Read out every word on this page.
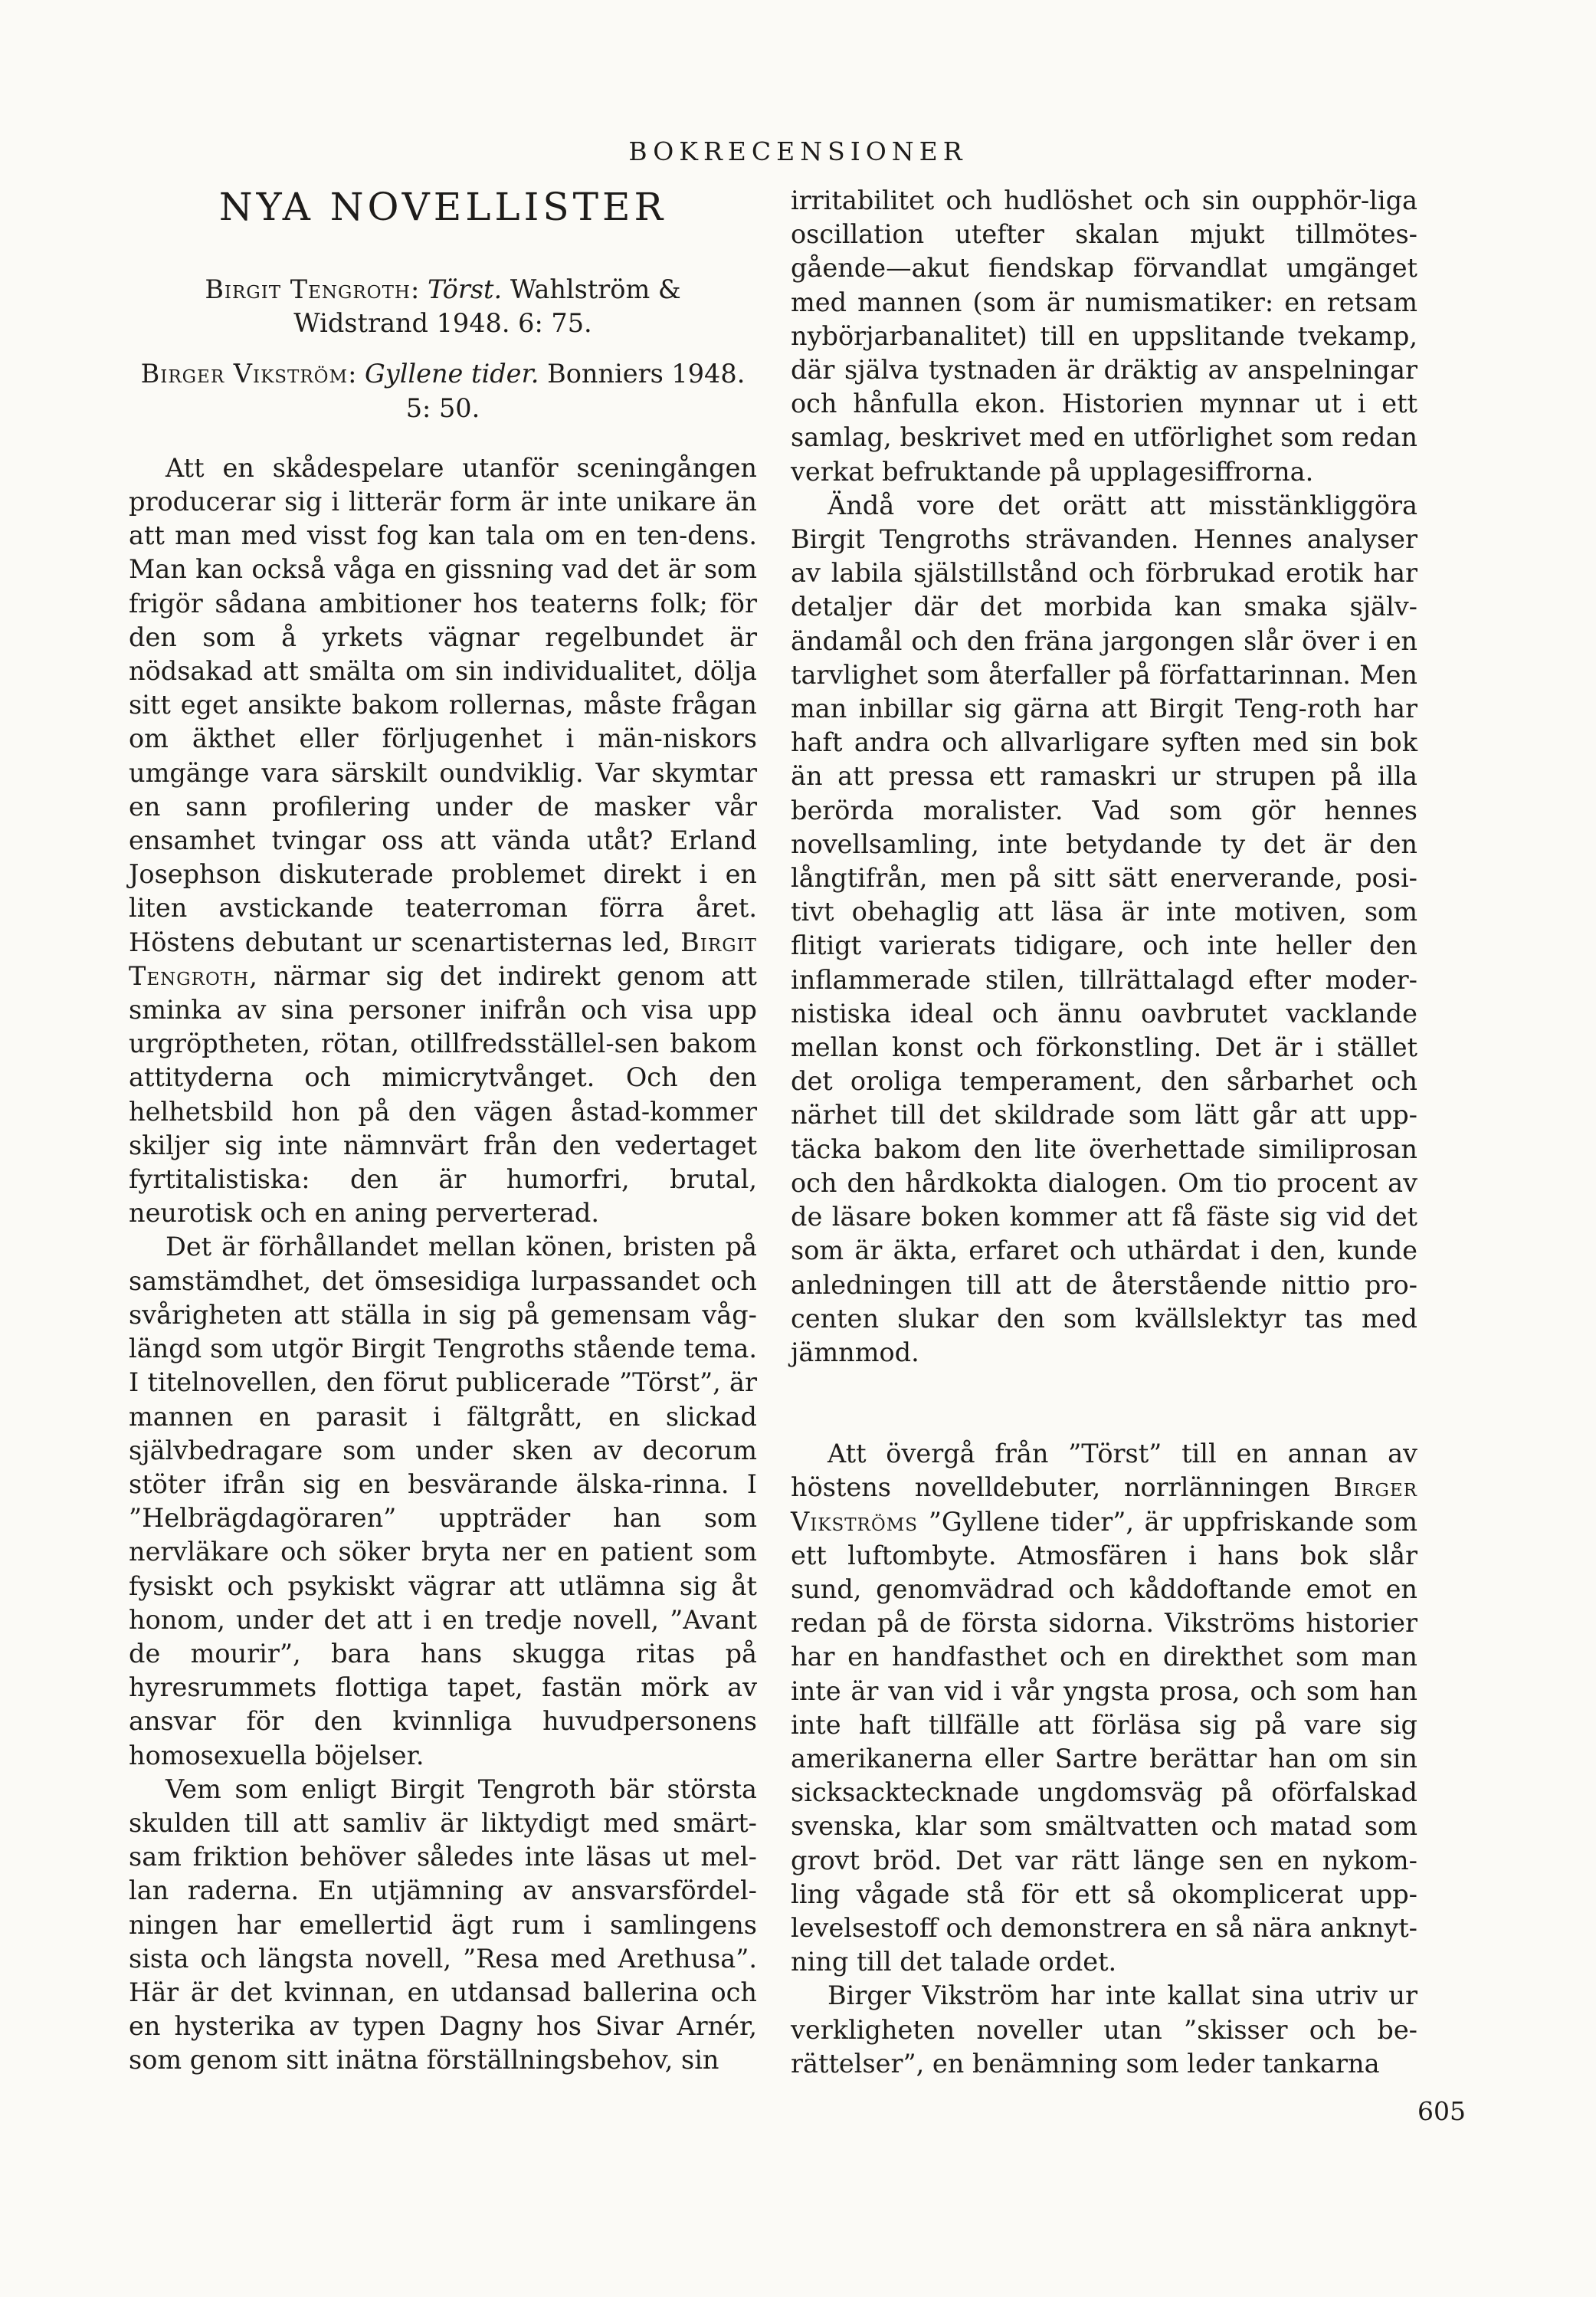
BOKRECENSIONER
NYA NOVELLISTER
Birgit Tengroth: Törst. Wahlström & Widstrand 1948. 6: 75.
Birger Vikström: Gyllene tider. Bonniers 1948. 5: 50.

Att en skådespelare utanför sceningången producerar sig i litterär form är inte unikare än att man med visst fog kan tala om en ten-dens. Man kan också våga en gissning vad det är som frigör sådana ambitioner hos teaterns folk; för den som å yrkets vägnar regelbundet är nödsakad att smälta om sin individualitet, dölja sitt eget ansikte bakom rollernas, måste frågan om äkthet eller förljugenhet i män-niskors umgänge vara särskilt oundviklig. Var skymtar en sann profilering under de masker vår ensamhet tvingar oss att vända utåt? Erland Josephson diskuterade problemet direkt i en liten avstickande teaterroman förra året. Höstens debutant ur scenartisternas led, Birgit Tengroth, närmar sig det indirekt genom att sminka av sina personer inifrån och visa upp urgröptheten, rötan, otillfredsställel-sen bakom attityderna och mimicrytvånget. Och den helhetsbild hon på den vägen åstad-kommer skiljer sig inte nämnvärt från den vedertaget fyrtitalistiska: den är humorfri, brutal, neurotisk och en aning perverterad.

Det är förhållandet mellan könen, bristen på samstämdhet, det ömsesidiga lurpassandet och svårigheten att ställa in sig på gemensam våg-längd som utgör Birgit Tengroths stående tema. I titelnovellen, den förut publicerade ”Törst”, är mannen en parasit i fältgrått, en slickad självbedragare som under sken av decorum stöter ifrån sig en besvärande älska-rinna. I ”Helbrägdagöraren” uppträder han som nervläkare och söker bryta ner en patient som fysiskt och psykiskt vägrar att utlämna sig åt honom, under det att i en tredje novell, ”Avant de mourir”, bara hans skugga ritas på hyresrummets flottiga tapet, fastän mörk av ansvar för den kvinnliga huvudpersonens homosexuella böjelser.

Vem som enligt Birgit Tengroth bär största skulden till att samliv är liktydigt med smärt-sam friktion behöver således inte läsas ut mel-lan raderna. En utjämning av ansvarsfördel-ningen har emellertid ägt rum i samlingens sista och längsta novell, ”Resa med Arethusa”. Här är det kvinnan, en utdansad ballerina och en hysterika av typen Dagny hos Sivar Arnér, som genom sitt inätna förställningsbehov, sin

irritabilitet och hudlöshet och sin oupphör-liga oscillation utefter skalan mjukt tillmötes-gående—akut fiendskap förvandlat umgänget med mannen (som är numismatiker: en retsam nybörjarbanalitet) till en uppslitande tvekamp, där själva tystnaden är dräktig av anspelningar och hånfulla ekon. Historien mynnar ut i ett samlag, beskrivet med en utförlighet som redan verkat befruktande på upplagesiffrorna.

Ändå vore det orätt att misstänkliggöra Birgit Tengroths strävanden. Hennes analyser av labila själstillstånd och förbrukad erotik har detaljer där det morbida kan smaka själv-ändamål och den fräna jargongen slår över i en tarvlighet som återfaller på författarinnan. Men man inbillar sig gärna att Birgit Teng-roth har haft andra och allvarligare syften med sin bok än att pressa ett ramaskri ur strupen på illa berörda moralister. Vad som gör hennes novellsamling, inte betydande ty det är den långtifrån, men på sitt sätt enerverande, posi-tivt obehaglig att läsa är inte motiven, som flitigt varierats tidigare, och inte heller den inflammerade stilen, tillrättalagd efter moder-nistiska ideal och ännu oavbrutet vacklande mellan konst och förkonstling. Det är i stället det oroliga temperament, den sårbarhet och närhet till det skildrade som lätt går att upp-täcka bakom den lite överhettade similiprosan och den hårdkokta dialogen. Om tio procent av de läsare boken kommer att få fäste sig vid det som är äkta, erfaret och uthärdat i den, kunde anledningen till att de återstående nittio pro-centen slukar den som kvällslektyr tas med jämnmod.

Att övergå från ”Törst” till en annan av höstens novelldebuter, norrlänningen Birger Vikströms ”Gyllene tider”, är uppfriskande som ett luftombyte. Atmosfären i hans bok slår sund, genomvädrad och kåddoftande emot en redan på de första sidorna. Vikströms historier har en handfasthet och en direkthet som man inte är van vid i vår yngsta prosa, och som han inte haft tillfälle att förläsa sig på vare sig amerikanerna eller Sartre berättar han om sin sicksacktecknade ungdomsväg på oförfalskad svenska, klar som smältvatten och matad som grovt bröd. Det var rätt länge sen en nykom-ling vågade stå för ett så okomplicerat upp-levelsestoff och demonstrera en så nära anknyt-ning till det talade ordet.

Birger Vikström har inte kallat sina utriv ur verkligheten noveller utan ”skisser och be-rättelser”, en benämning som leder tankarna

605
